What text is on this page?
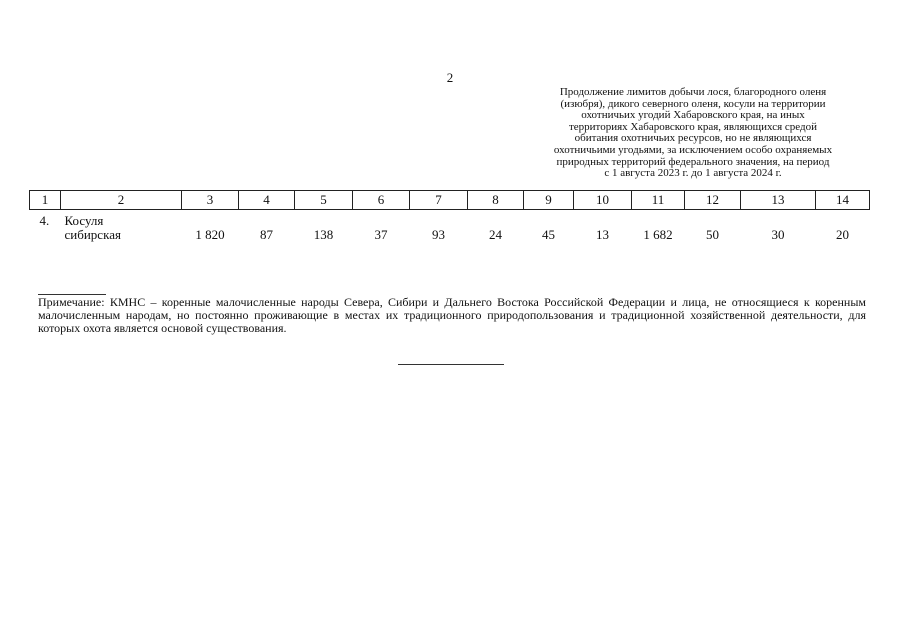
2
Продолжение лимитов добычи лося, благородного оленя
(изюбря), дикого северного оленя, косули на территории
охотничьих угодий Хабаровского края, на иных
территориях Хабаровского края, являющихся средой
обитания охотничьих ресурсов, но не являющихся
охотничьими угодьями, за исключением особо охраняемых
природных территорий федерального значения, на период
с 1 августа 2023 г. до 1 августа 2024 г.
1	2	3	4	5	6	7	8	9	10	11	12	13	14
4.	Косуля
сибирская	1 820	87	138	37	93	24	45	13	1 682	50	30	20
Примечание: КМНС – коренные малочисленные народы Севера, Сибири и Дальнего Востока Российской Федерации и лица, не относящиеся к коренным малочисленным народам, но постоянно проживающие в местах их традиционного природопользования и традиционной хозяйственной деятельности, для которых охота является основой существования.
